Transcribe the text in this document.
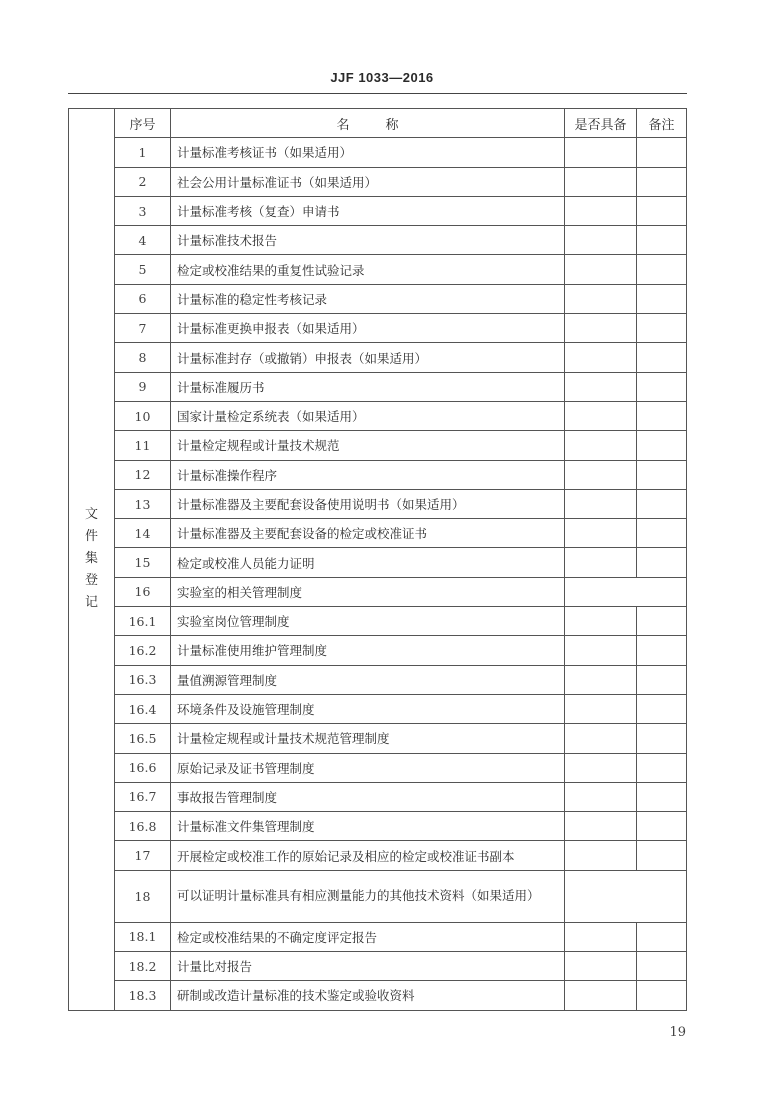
JJF 1033—2016
文件集登记	序号	名 称	是否具备	备注
	1	计量标准考核证书（如果适用）		
	2	社会公用计量标准证书（如果适用）		
	3	计量标准考核（复查）申请书		
	4	计量标准技术报告		
	5	检定或校准结果的重复性试验记录		
	6	计量标准的稳定性考核记录		
	7	计量标准更换申报表（如果适用）		
	8	计量标准封存（或撤销）申报表（如果适用）		
	9	计量标准履历书		
	10	国家计量检定系统表（如果适用）		
	11	计量检定规程或计量技术规范		
	12	计量标准操作程序		
	13	计量标准器及主要配套设备使用说明书（如果适用）		
	14	计量标准器及主要配套设备的检定或校准证书		
	15	检定或校准人员能力证明		
	16	实验室的相关管理制度		
	16.1	实验室岗位管理制度		
	16.2	计量标准使用维护管理制度		
	16.3	量值溯源管理制度		
	16.4	环境条件及设施管理制度		
	16.5	计量检定规程或计量技术规范管理制度		
	16.6	原始记录及证书管理制度		
	16.7	事故报告管理制度		
	16.8	计量标准文件集管理制度		
	17	开展检定或校准工作的原始记录及相应的检定或校准证书副本		
	18	可以证明计量标准具有相应测量能力的其他技术资料（如果适用）		
	18.1	检定或校准结果的不确定度评定报告		
	18.2	计量比对报告		
	18.3	研制或改造计量标准的技术鉴定或验收资料		
19
